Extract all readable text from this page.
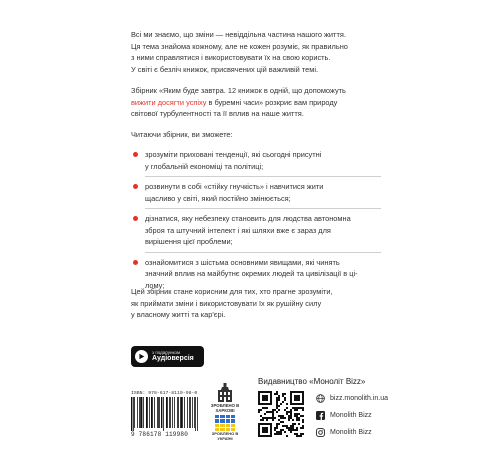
Всі ми знаємо, що зміни — невіддільна частина нашого життя.
Ця тема знайома кожному, але не кожен розуміє, як правильно
з ними справлятися і використовувати їх на свою користь.
У світі є безліч книжок, присвячених цій важливій темі.
Збірник «Яким буде завтра. 12 книжок в одній, що допоможуть
вижити досягти успіху в буремні часи» розкриє вам природу
світової турбулентності та її вплив на наше життя.
Читаючи збірник, ви зможете:
зрозуміти приховані тенденції, які сьогодні присутні
у глобальній економіці та політиці;
розвинути в собі «стійку гнучкість» і навчитися жити
щасливо у світі, який постійно змінюється;
дізнатися, яку небезпеку становить для людства автономна
зброя та штучний інтелект і які шляхи вже є зараз для
вирішення цієї проблеми;
ознайомитися з шістьма основними явищами, які чинять
значний вплив на майбутнє окремих людей та цивілізації в ці-
лому;
Цей збірник стане корисним для тих, хто прагне зрозуміти,
як приймати зміни і використовувати їх як рушійну силу
у власному житті та кар'єрі.
з подарунком
Аудіоверсія
ISBN: 978-617-8119-98-0
9 786178 119980
ЗРОБЛЕНО В ХАРКОВІ
ЗРОБЛЕНО В УКРАЇНІ
Видавництво «Моноліт Bizz»
bizz.monolith.in.ua
Monolith Bizz
Monolith Bizz
